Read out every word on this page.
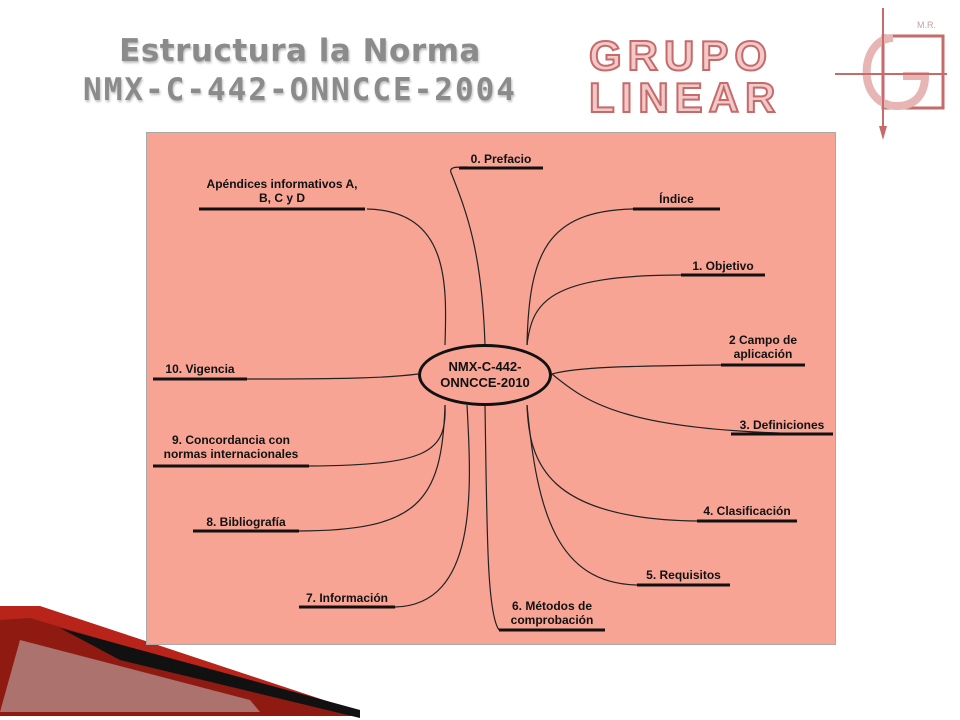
Estructura la Norma
NMX-C-442-ONNCCE-2004
GRUPO
LINEAR
M.R.
NMX-C-442-
ONNCCE-2010
0. Prefacio
Apéndices informativos A,
B, C y D	Índice
1. Objetivo
2 Campo de
aplicación
3. Definiciones
4. Clasificación
5. Requisitos
6. Métodos de
comprobación
7. Información
8. Bibliografía
9. Concordancia con
normas internacionales
10. Vigencia
